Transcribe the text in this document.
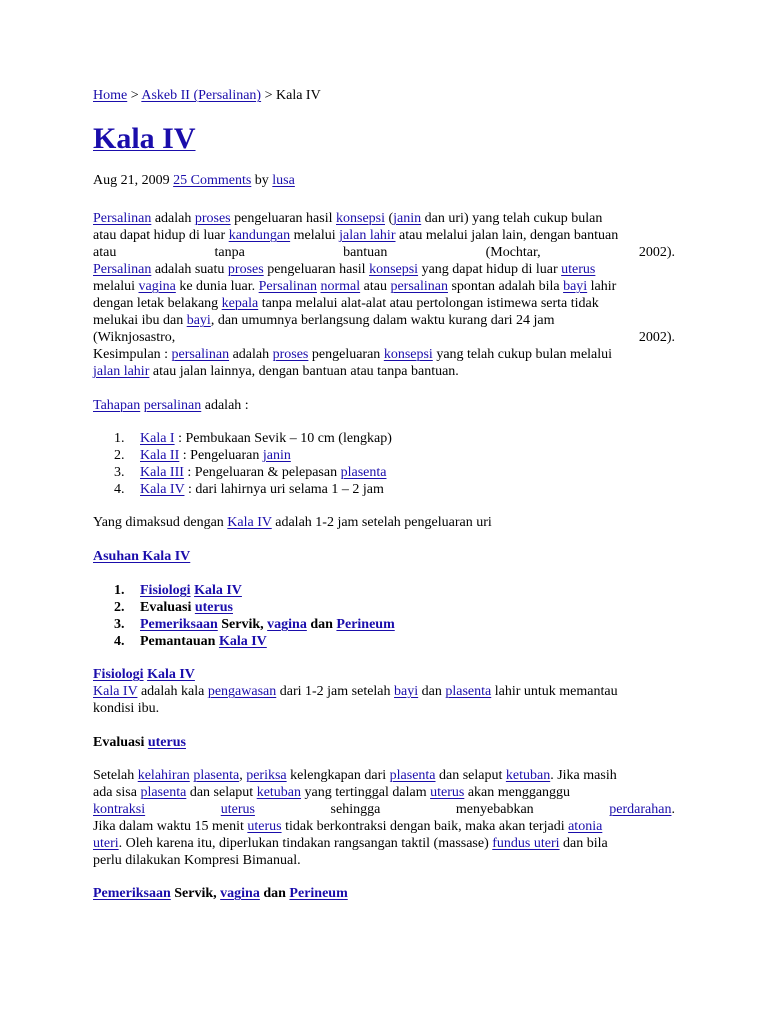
Home > Askeb II (Persalinan) > Kala IV
Kala IV
Aug 21, 2009 25 Comments by lusa
Persalinan adalah proses pengeluaran hasil konsepsi (janin dan uri) yang telah cukup bulan
atau dapat hidup di luar kandungan melalui jalan lahir atau melalui jalan lain, dengan bantuan
atau	tanpa	bantuan	(Mochtar,	2002).
Persalinan adalah suatu proses pengeluaran hasil konsepsi yang dapat hidup di luar uterus
melalui vagina ke dunia luar. Persalinan normal atau persalinan spontan adalah bila bayi lahir
dengan letak belakang kepala tanpa melalui alat-alat atau pertolongan istimewa serta tidak
melukai ibu dan bayi, dan umumnya berlangsung dalam waktu kurang dari 24 jam
(Wiknjosastro,	2002).
Kesimpulan : persalinan adalah proses pengeluaran konsepsi yang telah cukup bulan melalui
jalan lahir atau jalan lainnya, dengan bantuan atau tanpa bantuan.
Tahapan persalinan adalah :
1. Kala I : Pembukaan Sevik – 10 cm (lengkap)
2. Kala II : Pengeluaran janin
3. Kala III : Pengeluaran & pelepasan plasenta
4. Kala IV : dari lahirnya uri selama 1 – 2 jam
Yang dimaksud dengan Kala IV adalah 1-2 jam setelah pengeluaran uri
Asuhan Kala IV
1. Fisiologi Kala IV
2. Evaluasi uterus
3. Pemeriksaan Servik, vagina dan Perineum
4. Pemantauan Kala IV
Fisiologi Kala IV
Kala IV adalah kala pengawasan dari 1-2 jam setelah bayi dan plasenta lahir untuk memantau
kondisi ibu.
Evaluasi uterus
Setelah kelahiran plasenta, periksa kelengkapan dari plasenta dan selaput ketuban. Jika masih
ada sisa plasenta dan selaput ketuban yang tertinggal dalam uterus akan mengganggu
kontraksi	uterus	sehingga	menyebabkan	perdarahan.
Jika dalam waktu 15 menit uterus tidak berkontraksi dengan baik, maka akan terjadi atonia
uteri. Oleh karena itu, diperlukan tindakan rangsangan taktil (massase) fundus uteri dan bila
perlu dilakukan Kompresi Bimanual.
Pemeriksaan Servik, vagina dan Perineum
